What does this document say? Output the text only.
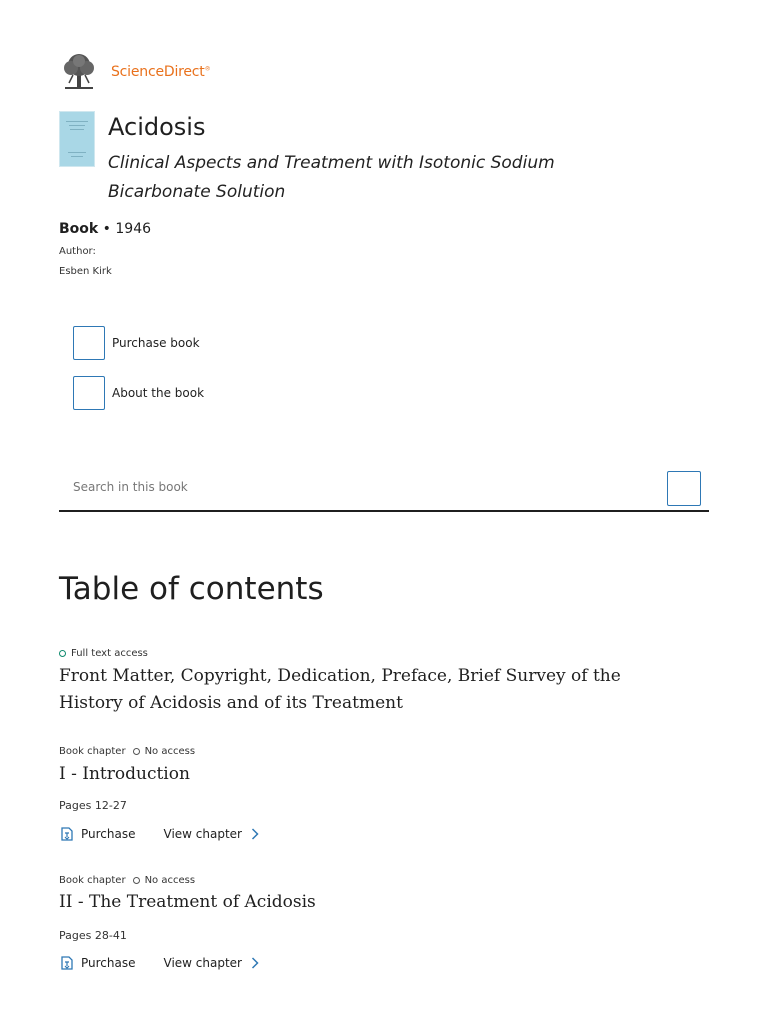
ScienceDirect®
Acidosis
Clinical Aspects and Treatment with Isotonic Sodium Bicarbonate Solution
Book • 1946
Author:
Esben Kirk
Purchase book
About the book
Search in this book
Table of contents
Full text access
Front Matter, Copyright, Dedication, Preface, Brief Survey of the History of Acidosis and of its Treatment
Book chapter No access
I - Introduction
Pages 12-27
Purchase View chapter
Book chapter No access
II - The Treatment of Acidosis
Pages 28-41
Purchase View chapter
